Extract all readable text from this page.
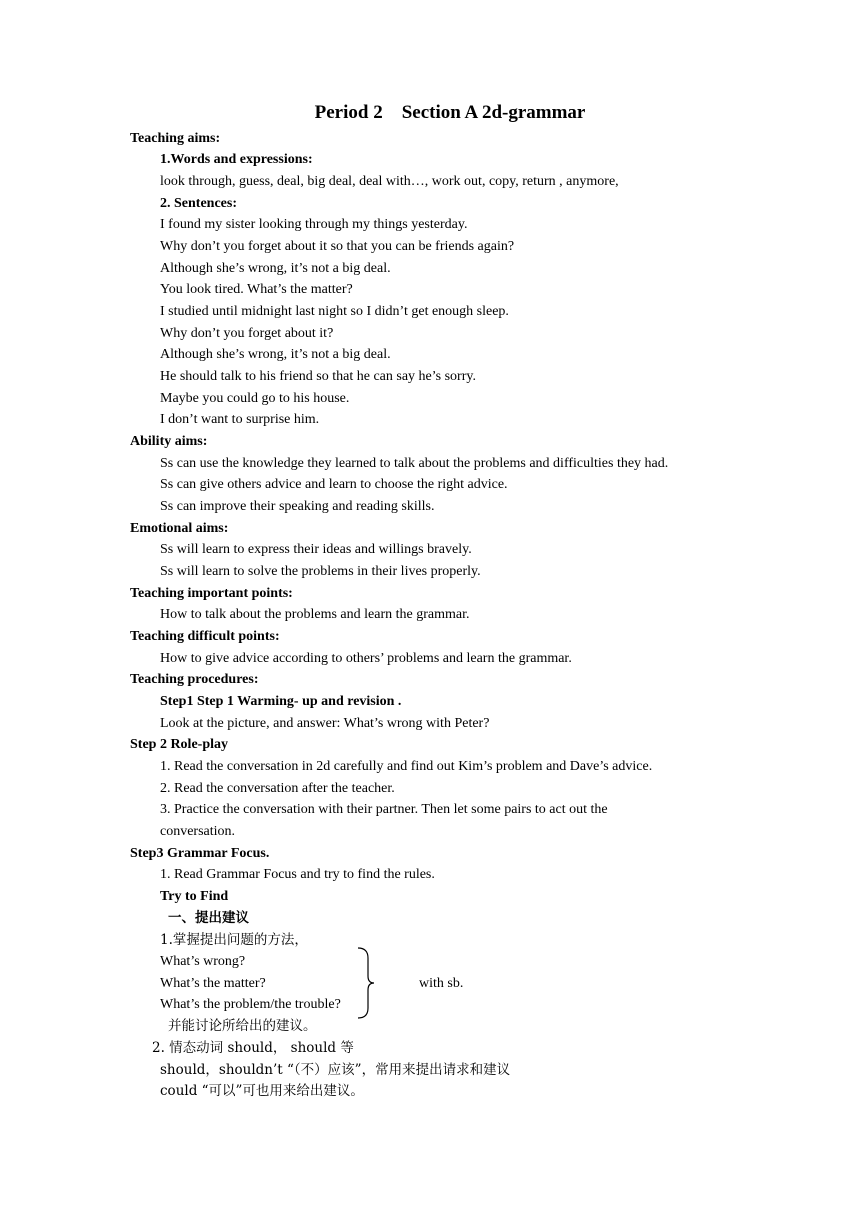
Period 2    Section A 2d-grammar
Teaching aims:
1.Words and expressions:
look through, guess, deal, big deal, deal with…, work out, copy, return , anymore,
2. Sentences:
I found my sister looking through my things yesterday.
Why don’t you forget about it so that you can be friends again?
Although she’s wrong, it’s not a big deal.
You look tired. What’s the matter?
I studied until midnight last night so I didn’t get enough sleep.
Why don’t you forget about it?
Although she’s wrong, it’s not a big deal.
He should talk to his friend so that he can say he’s sorry.
Maybe you could go to his house.
I don’t want to surprise him.
Ability aims:
Ss can use the knowledge they learned to talk about the problems and difficulties they had.
Ss can give others advice and learn to choose the right advice.
Ss can improve their speaking and reading skills.
Emotional aims:
Ss will learn to express their ideas and willings bravely.
Ss will learn to solve the problems in their lives properly.
Teaching important points:
How to talk about the problems and learn the grammar.
Teaching difficult points:
How to give advice according to others’ problems and learn the grammar.
Teaching procedures:
Step1 Step 1 Warming- up and revision .
Look at the picture, and answer: What’s wrong with Peter?
Step 2 Role-play
1. Read the conversation in 2d carefully and find out Kim’s problem and Dave’s advice.
2. Read the conversation after the teacher.
3. Practice the conversation with their partner. Then let some pairs to act out the
conversation.
Step3 Grammar Focus.
1. Read Grammar Focus and try to find the rules.
Try to Find
一、提出建议
1.掌握提出问题的方法，
What’s wrong?
What’s the matter?
What’s the problem/the trouble?
with sb.
并能讨论所给出的建议。
2. 情态动词 should， should 等
should，shouldn’t “（不）应该”，常用来提出请求和建议
could “可以”可也用来给出建议。
